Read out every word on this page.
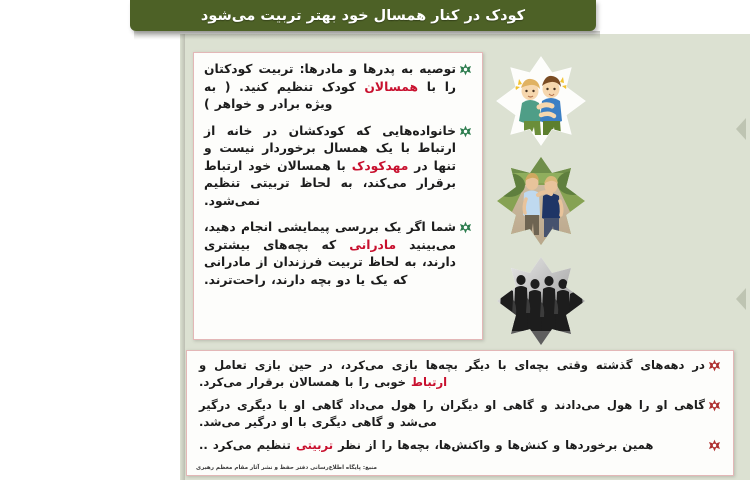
کودک در کنار همسال خود بهتر تربیت می‌شود
توصیه به پدرها و مادرها: تربیت کودکتان را با همسالان کودک تنظیم کنید. ( به ویژه برادر و خواهر )
خانواده‌هایی که کودکشان در خانه از ارتباط با یک همسال برخوردار نیست و تنها در مهدکودک با همسالان خود ارتباط برقرار می‌کند، به لحاظ تربیتی تنظیم نمی‌شود.
شما اگر یک بررسی پیمایشی انجام دهید، می‌بینید مادرانی که بچه‌های بیشتری دارند، به لحاظ تربیت فرزندان از مادرانی که یک یا دو بچه دارند، راحت‌ترند.
در دهه‌های گذشته وقتی بچه‌ای با دیگر بچه‌ها بازی می‌کرد، در حین بازی تعامل و ارتباط خوبی را با همسالان برقرار می‌کرد.
گاهی او را هول می‌دادند و گاهی او دیگران را هول می‌داد گاهی او با دیگری درگیر می‌شد و گاهی دیگری با او درگیر می‌شد.
همین برخوردها و کنش‌ها و واکنش‌ها، بچه‌ها را از نظر تربیتی تنظیم می‌کرد ..
منبع: پایگاه اطلاع‌رسانی دفتر حفظ و نشر آثار مقام معظم رهبری
